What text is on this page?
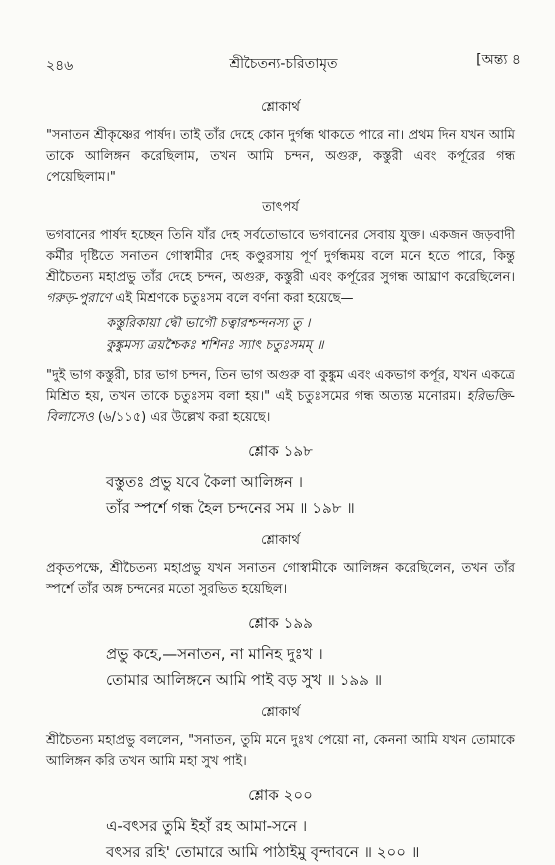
২৪৬	শ্রীচৈতন্য-চরিতামৃত	[অন্ত্য ৪
শ্লোকার্থ

"সনাতন শ্রীকৃষ্ণের পার্ষদ। তাই তাঁর দেহে কোন দুর্গন্ধ থাকতে পারে না। প্রথম দিন যখন আমি তাকে আলিঙ্গন করেছিলাম, তখন আমি চন্দন, অগুরু, কস্তুরী এবং কর্পূরের গন্ধ পেয়েছিলাম।"

তাৎপর্য

ভগবানের পার্ষদ হচ্ছেন তিনি যাঁর দেহ সর্বতোভাবে ভগবানের সেবায় যুক্ত। একজন জড়বাদী কর্মীর দৃষ্টিতে সনাতন গোস্বামীর দেহ কণ্ডুরসায় পূর্ণ দুর্গন্ধময় বলে মনে হতে পারে, কিন্তু শ্রীচৈতন্য মহাপ্রভু তাঁর দেহে চন্দন, অগুরু, কস্তুরী এবং কর্পূরের সুগন্ধ আঘ্রাণ করেছিলেন। গরুড়-পুরাণে এই মিশ্রণকে চতুঃসম বলে বর্ণনা করা হয়েছে—

কস্তুরিকায়া দ্বৌ ভাগৌ চত্বারশ্চন্দনস্য তু ।
কুঙ্কুমস্য ত্রয়শ্চৈকঃ শশিনঃ স্যাৎ চতুঃসমম্ ॥

"দুই ভাগ কস্তুরী, চার ভাগ চন্দন, তিন ভাগ অগুরু বা কুঙ্কুম এবং একভাগ কর্পূর, যখন একত্রে মিশ্রিত হয়, তখন তাকে চতুঃসম বলা হয়।" এই চতুঃসমের গন্ধ অত্যন্ত মনোরম। হরিভক্তি-বিলাসেও (৬/১১৫) এর উল্লেখ করা হয়েছে।

শ্লোক ১৯৮
বস্তুতঃ প্রভু যবে কৈলা আলিঙ্গন ।
তাঁর স্পর্শে গন্ধ হৈল চন্দনের সম ॥ ১৯৮ ॥
শ্লোকার্থ

প্রকৃতপক্ষে, শ্রীচৈতন্য মহাপ্রভু যখন সনাতন গোস্বামীকে আলিঙ্গন করেছিলেন, তখন তাঁর স্পর্শে তাঁর অঙ্গ চন্দনের মতো সুরভিত হয়েছিল।

শ্লোক ১৯৯
প্রভু কহে,—সনাতন, না মানিহ দুঃখ ।
তোমার আলিঙ্গনে আমি পাই বড় সুখ ॥ ১৯৯ ॥
শ্লোকার্থ

শ্রীচৈতন্য মহাপ্রভু বললেন, "সনাতন, তুমি মনে দুঃখ পেয়ো না, কেননা আমি যখন তোমাকে আলিঙ্গন করি তখন আমি মহা সুখ পাই।

শ্লোক ২০০
এ-বৎসর তুমি ইহাঁ রহ আমা-সনে ।
বৎসর রহি' তোমারে আমি পাঠাইমু বৃন্দাবনে ॥ ২০০ ॥
